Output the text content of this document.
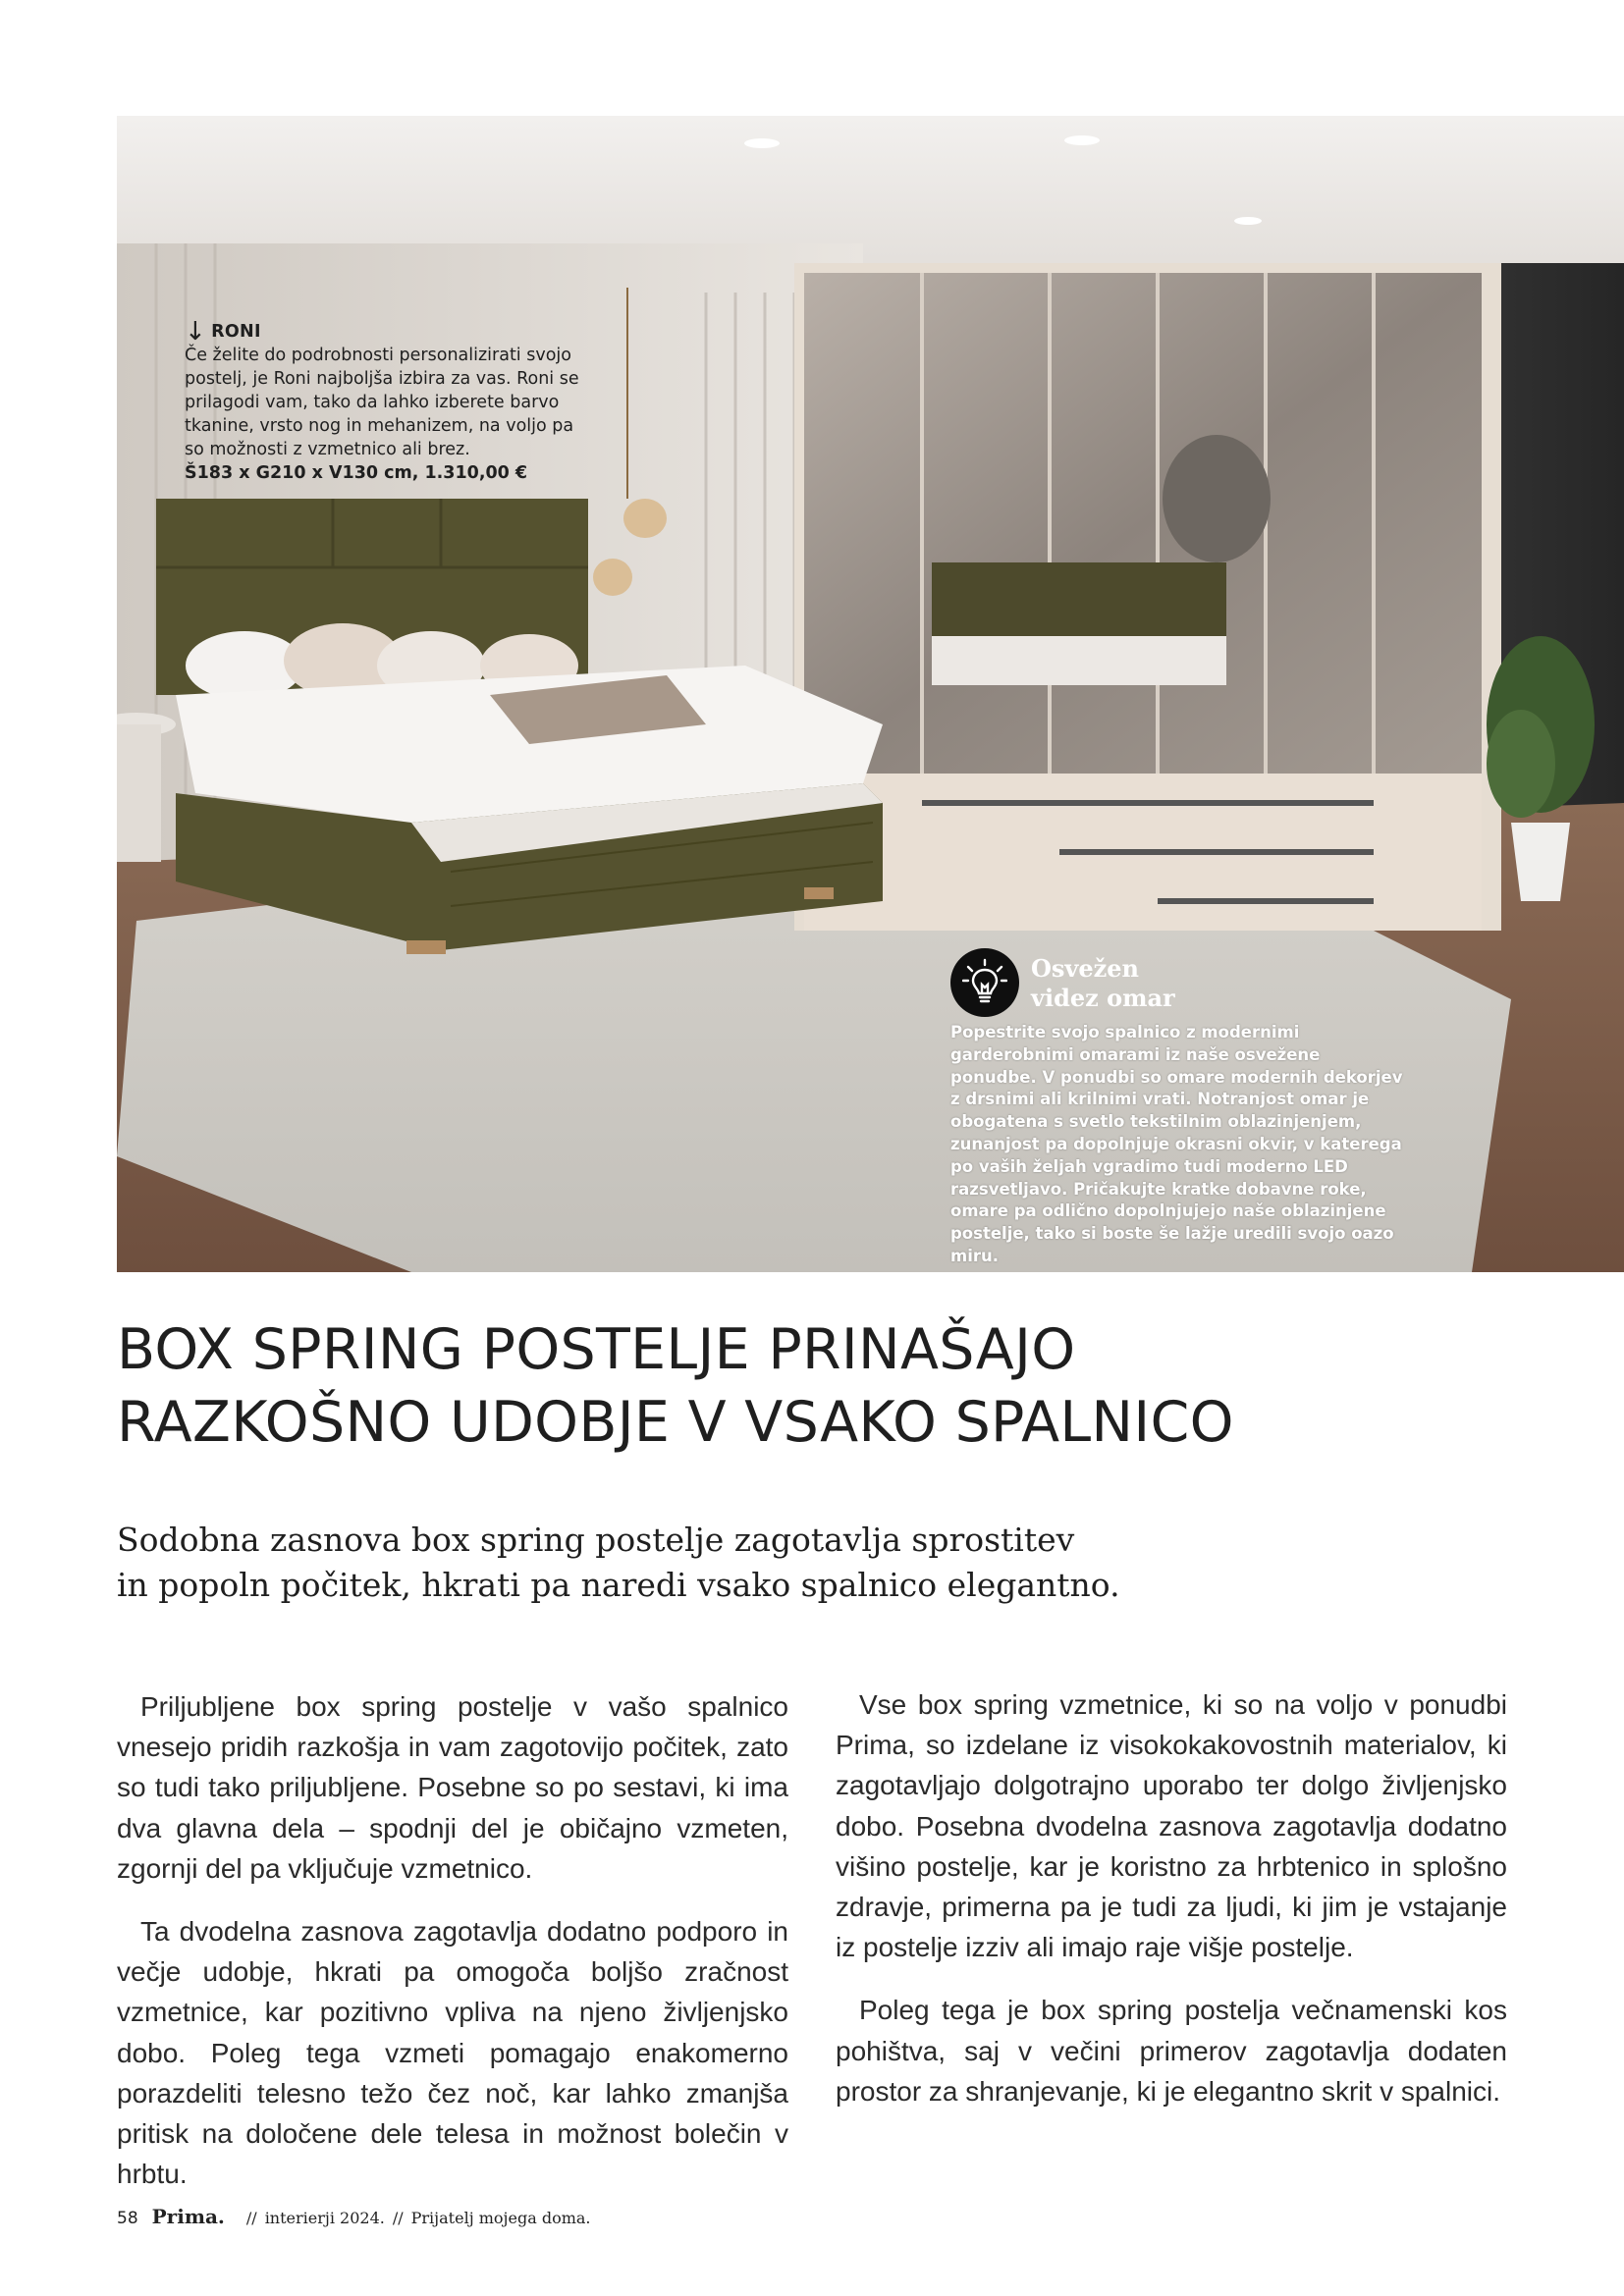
↓ RONI
Če želite do podrobnosti personalizirati svojo postelj, je Roni najboljša izbira za vas. Roni se prilagodi vam, tako da lahko izberete barvo tkanine, vrsto nog in mehanizem, na voljo pa so možnosti z vzmetnico ali brez.
Š183 x G210 x V130 cm, 1.310,00 €
Osvežen
videz omar
Popestrite svojo spalnico z modernimi garderobnimi omarami iz naše osvežene ponudbe. V ponudbi so omare modernih dekorjev z drsnimi ali krilnimi vrati. Notranjost omar je obogatena s svetlo tekstilnim oblazinjenjem, zunanjost pa dopolnjuje okrasni okvir, v katerega po vaših željah vgradimo tudi moderno LED razsvetljavo. Pričakujte kratke dobavne roke, omare pa odlično dopolnjujejo naše oblazinjene postelje, tako si boste še lažje uredili svojo oazo miru.
BOX SPRING POSTELJE PRINAŠAJO
RAZKOŠNO UDOBJE V VSAKO SPALNICO

Sodobna zasnova box spring postelje zagotavlja sprostitev
in popoln počitek, hkrati pa naredi vsako spalnico elegantno.

Priljubljene box spring postelje v vašo spalnico vnesejo pridih razkošja in vam zagotovijo počitek, zato so tudi tako priljubljene. Posebne so po sestavi, ki ima dva glavna dela – spodnji del je običajno vzmeten, zgornji del pa vključuje vzmetnico.

Ta dvodelna zasnova zagotavlja dodatno podporo in večje udobje, hkrati pa omogoča boljšo zračnost vzmetnice, kar pozitivno vpliva na njeno življenjsko dobo. Poleg tega vzmeti pomagajo enakomerno porazdeliti telesno težo čez noč, kar lahko zmanjša pritisk na določene dele telesa in možnost bolečin v hrbtu.

Vse box spring vzmetnice, ki so na voljo v ponudbi Prima, so izdelane iz visokokakovostnih materialov, ki zagotavljajo dolgotrajno uporabo ter dolgo življenjsko dobo. Posebna dvodelna zasnova zagotavlja dodatno višino postelje, kar je koristno za hrbtenico in splošno zdravje, primerna pa je tudi za ljudi, ki jim je vstajanje iz postelje izziv ali imajo raje višje postelje.

Poleg tega je box spring postelja večnamenski kos pohištva, saj v večini primerov zagotavlja dodaten prostor za shranjevanje, ki je elegantno skrit v spalnici.

58 Prima. // interierji 2024. // Prijatelj mojega doma.
